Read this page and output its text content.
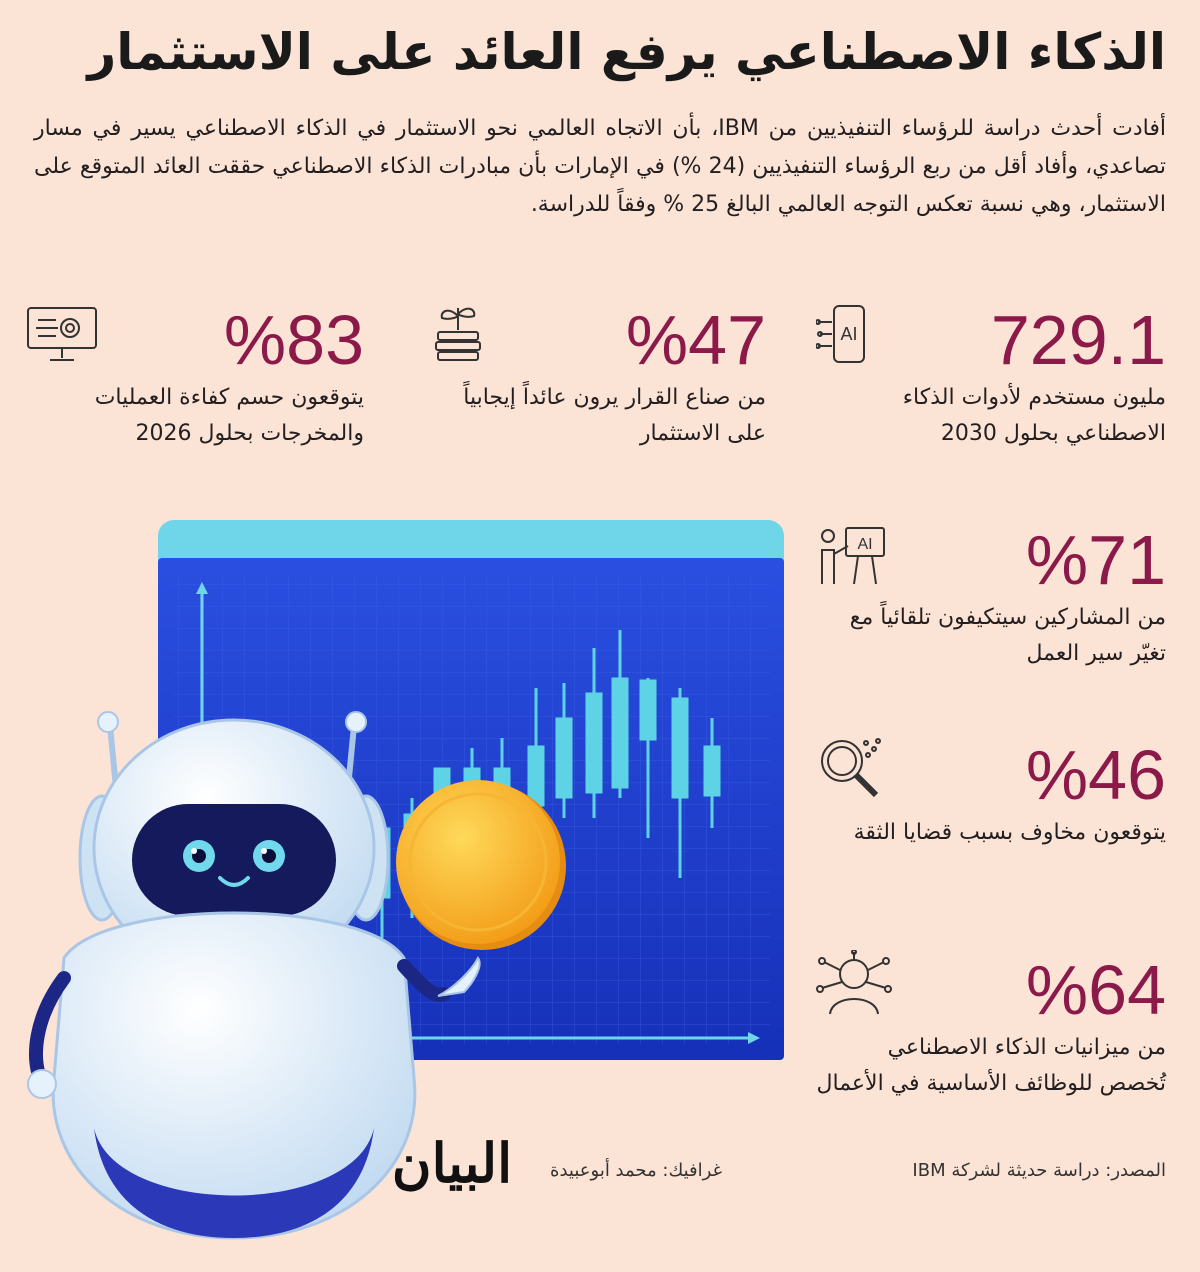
الذكاء الاصطناعي يرفع العائد على الاستثمار
أفادت أحدث دراسة للرؤساء التنفيذيين من IBM، بأن الاتجاه العالمي نحو الاستثمار في الذكاء الاصطناعي يسير في مسار تصاعدي، وأفاد أقل من ربع الرؤساء التنفيذيين (24 %) في الإمارات بأن مبادرات الذكاء الاصطناعي حققت العائد المتوقع على الاستثمار، وهي نسبة تعكس التوجه العالمي البالغ 25 % وفقاً للدراسة.
729.1
مليون مستخدم لأدوات الذكاء الاصطناعي بحلول 2030
AI
%47
من صناع القرار يرون عائداً إيجابياً على الاستثمار
%83
يتوقعون حسم كفاءة العمليات والمخرجات بحلول 2026
%71
من المشاركين سيتكيفون تلقائياً مع تغيّر سير العمل
AI
%46
يتوقعون مخاوف بسبب قضايا الثقة
%64
من ميزانيات الذكاء الاصطناعي تُخصص للوظائف الأساسية في الأعمال
المصدر: دراسة حديثة لشركة IBM
غرافيك: محمد أبوعبيدة
البيان
